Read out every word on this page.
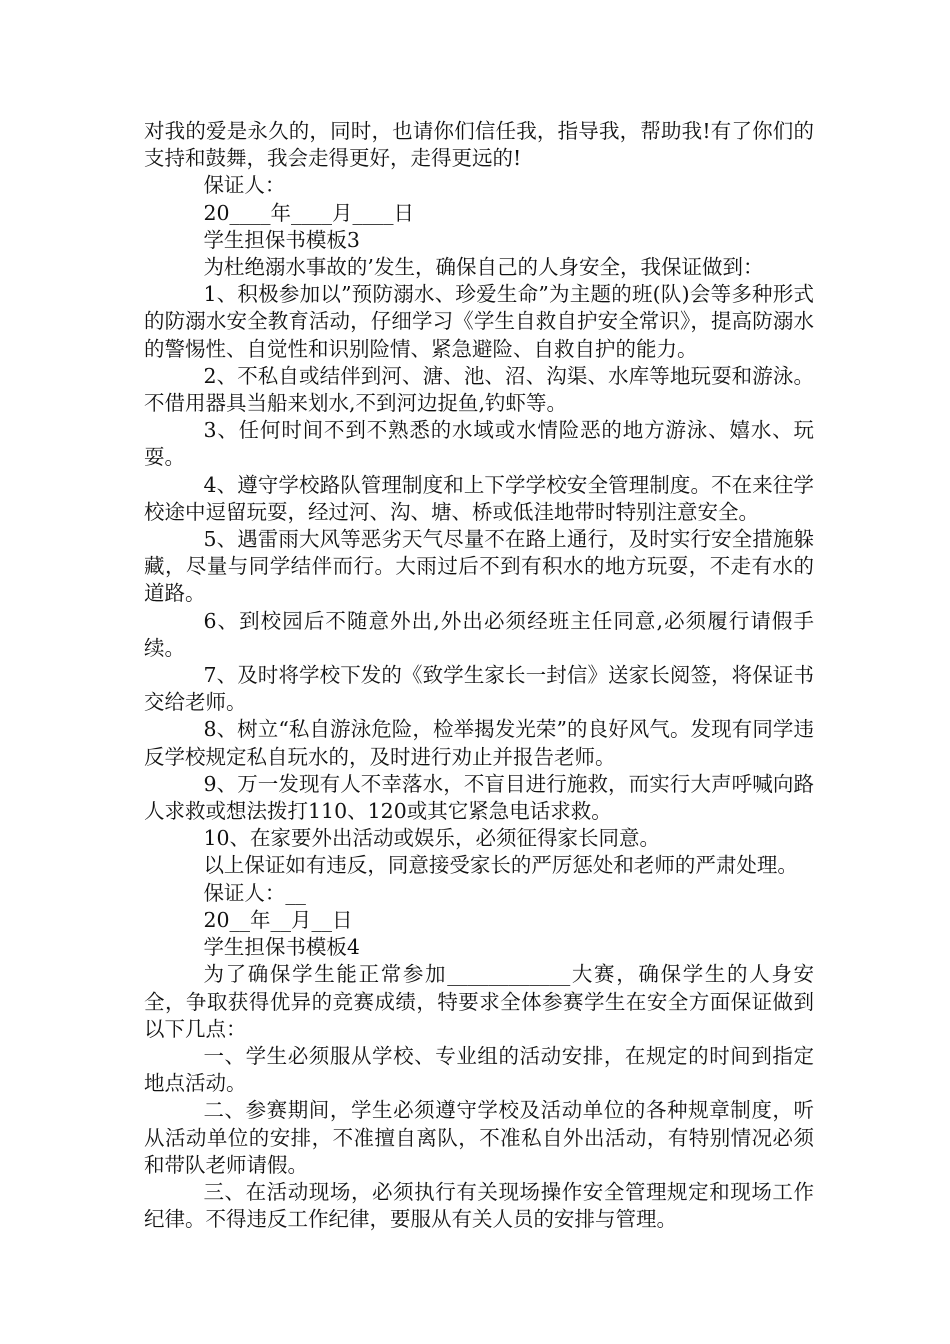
对我的爱是永久的，同时，也请你们信任我，指导我，帮助我!有了你们的支持和鼓舞，我会走得更好，走得更远的!

保证人：

20____年____月____日

学生担保书模板3

为杜绝溺水事故的’发生，确保自己的人身安全，我保证做到：

1、积极参加以”预防溺水、珍爱生命”为主题的班(队)会等多种形式的防溺水安全教育活动，仔细学习《学生自救自护安全常识》，提高防溺水的警惕性、自觉性和识别险情、紧急避险、自救自护的能力。

2、不私自或结伴到河、溏、池、沼、沟渠、水库等地玩耍和游泳。不借用器具当船来划水,不到河边捉鱼,钓虾等。

3、任何时间不到不熟悉的水域或水情险恶的地方游泳、嬉水、玩耍。

4、遵守学校路队管理制度和上下学学校安全管理制度。不在来往学校途中逗留玩耍，经过河、沟、塘、桥或低洼地带时特别注意安全。

5、遇雷雨大风等恶劣天气尽量不在路上通行，及时实行安全措施躲藏，尽量与同学结伴而行。大雨过后不到有积水的地方玩耍，不走有水的道路。

6、到校园后不随意外出,外出必须经班主任同意,必须履行请假手续。

7、及时将学校下发的《致学生家长一封信》送家长阅签，将保证书交给老师。

8、树立“私自游泳危险，检举揭发光荣”的良好风气。发现有同学违反学校规定私自玩水的，及时进行劝止并报告老师。

9、万一发现有人不幸落水，不盲目进行施救，而实行大声呼喊向路人求救或想法拨打110、120或其它紧急电话求救。

10、在家要外出活动或娱乐，必须征得家长同意。

以上保证如有违反，同意接受家长的严厉惩处和老师的严肃处理。

保证人：__

20__年__月__日

学生担保书模板4

为了确保学生能正常参加____________大赛，确保学生的人身安全，争取获得优异的竞赛成绩，特要求全体参赛学生在安全方面保证做到以下几点：

一、学生必须服从学校、专业组的活动安排，在规定的时间到指定地点活动。

二、参赛期间，学生必须遵守学校及活动单位的各种规章制度，听从活动单位的安排，不准擅自离队，不准私自外出活动，有特别情况必须和带队老师请假。

三、在活动现场，必须执行有关现场操作安全管理规定和现场工作纪律。不得违反工作纪律，要服从有关人员的安排与管理。
